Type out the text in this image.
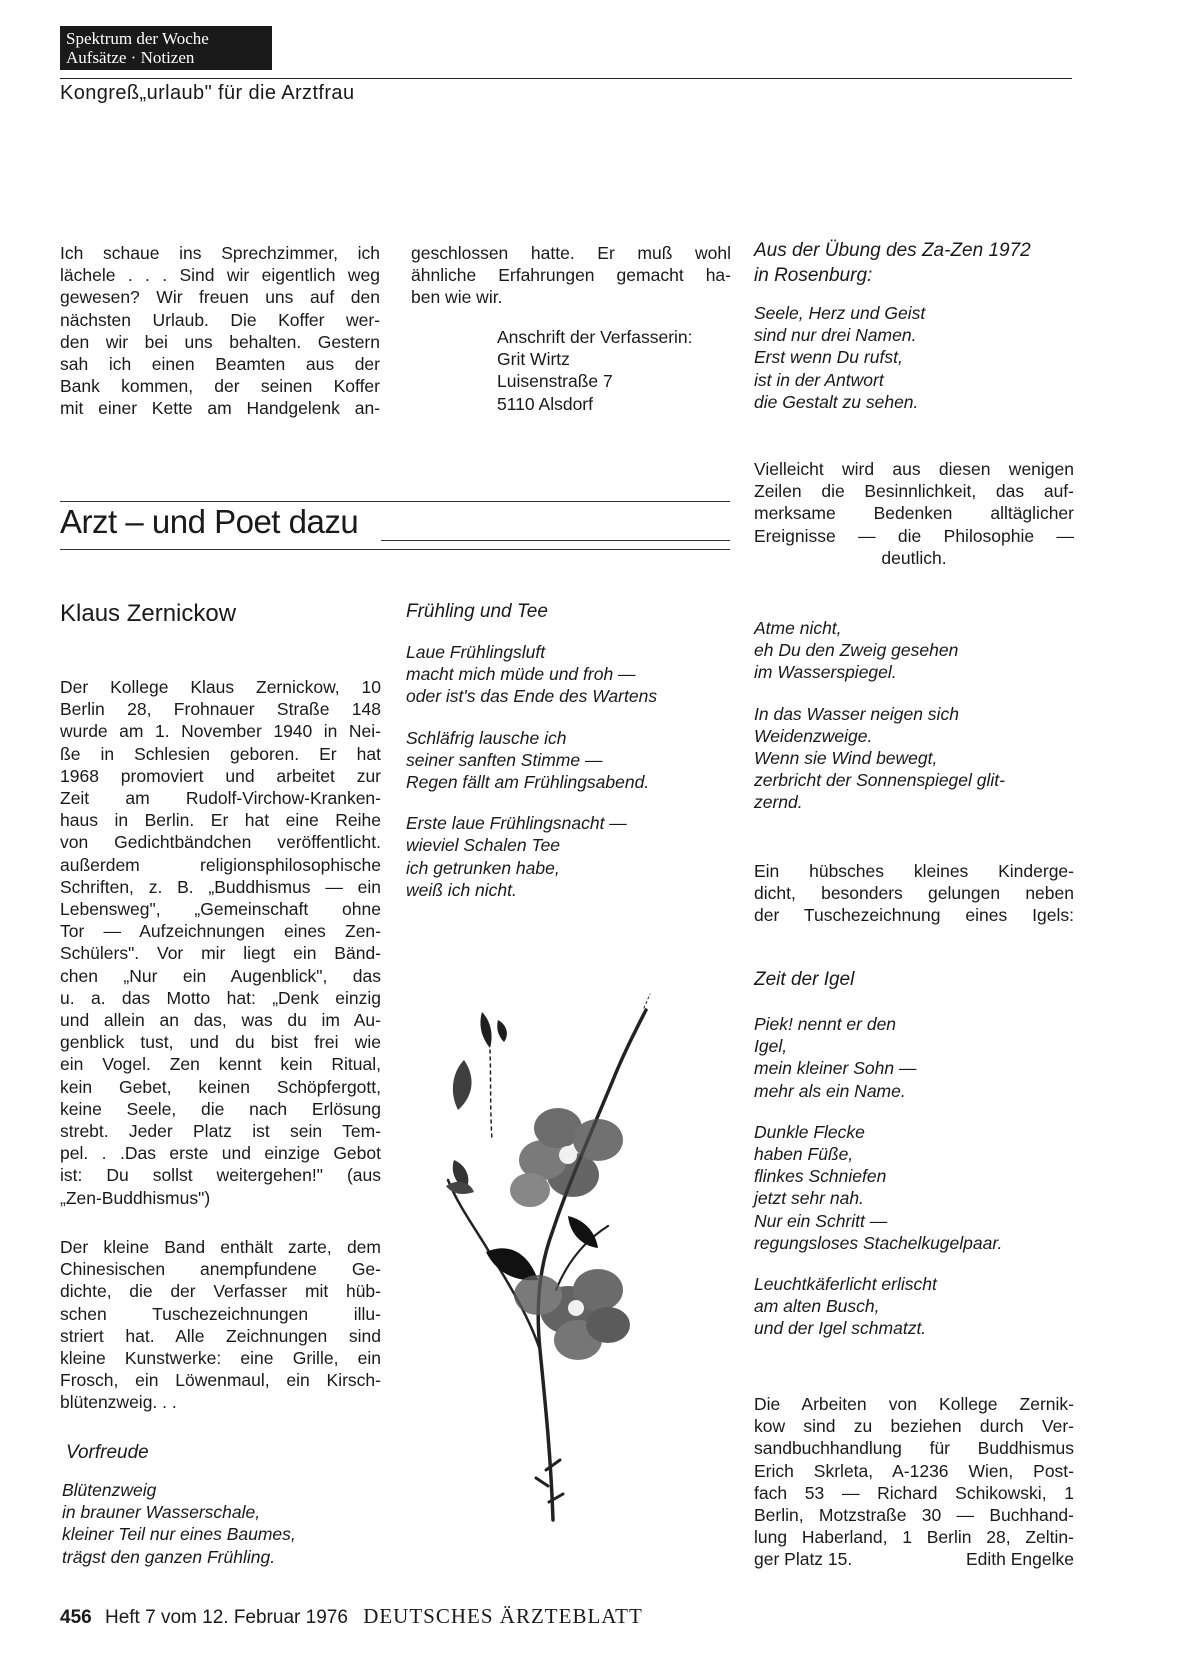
Spektrum der Woche
Aufsätze · Notizen
Kongreß„urlaub" für die Arztfrau
Ich schaue ins Sprechzimmer, ich
lächele . . . Sind wir eigentlich weg
gewesen? Wir freuen uns auf den
nächsten Urlaub. Die Koffer wer-
den wir bei uns behalten. Gestern
sah ich einen Beamten aus der
Bank kommen, der seinen Koffer
mit einer Kette am Handgelenk an-
geschlossen hatte. Er muß wohl
ähnliche Erfahrungen gemacht ha-
ben wie wir.
Anschrift der Verfasserin:
Grit Wirtz
Luisenstraße 7
5110 Alsdorf
Aus der Übung des Za-Zen 1972
in Rosenburg:
Seele, Herz und Geist
sind nur drei Namen.
Erst wenn Du rufst,
ist in der Antwort
die Gestalt zu sehen.
Arzt – und Poet dazu
Klaus Zernickow
Der Kollege Klaus Zernickow, 10
Berlin 28, Frohnauer Straße 148
wurde am 1. November 1940 in Nei-
ße in Schlesien geboren. Er hat
1968 promoviert und arbeitet zur
Zeit am Rudolf-Virchow-Kranken-
haus in Berlin. Er hat eine Reihe
von Gedichtbändchen veröffentlicht.
außerdem religionsphilosophische
Schriften, z. B. „Buddhismus — ein
Lebensweg", „Gemeinschaft ohne
Tor — Aufzeichnungen eines Zen-
Schülers". Vor mir liegt ein Bänd-
chen „Nur ein Augenblick", das
u. a. das Motto hat: „Denk einzig
und allein an das, was du im Au-
genblick tust, und du bist frei wie
ein Vogel. Zen kennt kein Ritual,
kein Gebet, keinen Schöpfergott,
keine Seele, die nach Erlösung
strebt. Jeder Platz ist sein Tem-
pel. . .Das erste und einzige Gebot
ist: Du sollst weitergehen!" (aus
„Zen-Buddhismus")
Der kleine Band enthält zarte, dem
Chinesischen anempfundene Ge-
dichte, die der Verfasser mit hüb-
schen Tuschezeichnungen illu-
striert hat. Alle Zeichnungen sind
kleine Kunstwerke: eine Grille, ein
Frosch, ein Löwenmaul, ein Kirsch-
blütenzweig. . .
Vorfreude
Blütenzweig
in brauner Wasserschale,
kleiner Teil nur eines Baumes,
trägst den ganzen Frühling.
Frühling und Tee
Laue Frühlingsluft
macht mich müde und froh —
oder ist's das Ende des Wartens

Schläfrig lausche ich
seiner sanften Stimme —
Regen fällt am Frühlingsabend.

Erste laue Frühlingsnacht —
wieviel Schalen Tee
ich getrunken habe,
weiß ich nicht.
Vielleicht wird aus diesen wenigen
Zeilen die Besinnlichkeit, das auf-
merksame Bedenken alltäglicher
Ereignisse — die Philosophie —
deutlich.
Atme nicht,
eh Du den Zweig gesehen
im Wasserspiegel.

In das Wasser neigen sich
Weidenzweige.
Wenn sie Wind bewegt,
zerbricht der Sonnenspiegel glit-
zernd.
Ein hübsches kleines Kinderge-
dicht, besonders gelungen neben
der Tuschezeichnung eines Igels:
Zeit der Igel
Piek! nennt er den
Igel,
mein kleiner Sohn —
mehr als ein Name.

Dunkle Flecke
haben Füße,
flinkes Schniefen
jetzt sehr nah.
Nur ein Schritt —
regungsloses Stachelkugelpaar.

Leuchtkäferlicht erlischt
am alten Busch,
und der Igel schmatzt.
Die Arbeiten von Kollege Zernik-
kow sind zu beziehen durch Ver-
sandbuchhandlung für Buddhismus
Erich Skrleta, A-1236 Wien, Post-
fach 53 — Richard Schikowski, 1
Berlin, Motzstraße 30 — Buchhand-
lung Haberland, 1 Berlin 28, Zeltin-
ger Platz 15.	Edith Engelke
456 Heft 7 vom 12. Februar 1976 DEUTSCHES ÄRZTEBLATT
